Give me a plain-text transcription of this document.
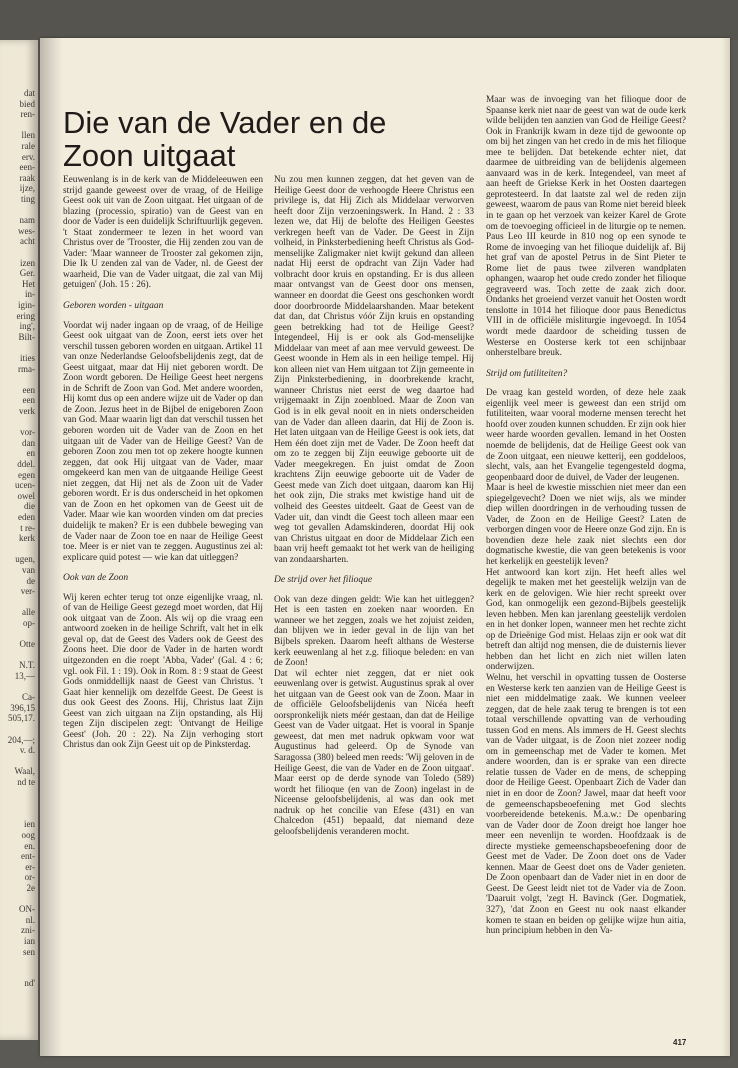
dat
bied
ren-
llen
rale
erv.
een-
raak
ijze,
ting
nam
wes-
acht
izen
Ger.
Het
in-
igin-
ering
ing',
Bilt-
ities
rma-
een
een
verk
vor-
dan
en
ddel.
egen
ucen-
owel
die
eden
t re-
kerk
ugen,
van
de
ver-
alle
op-
Otte
N.T.
13,—
Ca-
396,15
505,17.
204,—;
v. d.
Waal,
nd te
ien
oog
en.
ent-
er-
or-
2e
ON-
nl.
zni-
ian
sen
nd'
Die van de Vader en de Zoon uitgaat

Eeuwenlang is in de kerk van de Middeleeuwen een strijd gaande geweest over de vraag, of de Heilige Geest ook uit van de Zoon uitgaat. Het uitgaan of de blazing (processio, spiratio) van de Geest van en door de Vader is een duidelijk Schriftuurlijk gegeven. 't Staat zondermeer te lezen in het woord van Christus over de 'Trooster, die Hij zenden zou van de Vader: 'Maar wanneer de Trooster zal gekomen zijn, Die Ik U zenden zal van de Vader, nl. de Geest der waarheid, Die van de Vader uitgaat, die zal van Mij getuigen' (Joh. 15 : 26).

Geboren worden - uitgaan

Voordat wij nader ingaan op de vraag, of de Heilige Geest ook uitgaat van de Zoon, eerst iets over het verschil tussen geboren worden en uitgaan. Artikel 11 van onze Nederlandse Geloofsbelijdenis zegt, dat de Geest uitgaat, maar dat Hij niet geboren wordt. De Zoon wordt geboren. De Heilige Geest heet nergens in de Schrift de Zoon van God. Met andere woorden, Hij komt dus op een andere wijze uit de Vader op dan de Zoon. Jezus heet in de Bijbel de enigeboren Zoon van God. Maar waarin ligt dan dat verschil tussen het geboren worden uit de Vader van de Zoon en het uitgaan uit de Vader van de Heilige Geest? Van de geboren Zoon zou men tot op zekere hoogte kunnen zeggen, dat ook Hij uitgaat van de Vader, maar omgekeerd kan men van de uitgaande Heilige Geest niet zeggen, dat Hij net als de Zoon uit de Vader geboren wordt. Er is dus onderscheid in het opkomen van de Zoon en het opkomen van de Geest uit de Vader. Maar wie kan woorden vinden om dat precies duidelijk te maken? Er is een dubbele beweging van de Vader naar de Zoon toe en naar de Heilige Geest toe. Meer is er niet van te zeggen. Augustinus zei al: explicare quid potest — wie kan dat uitleggen?

Ook van de Zoon

Wij keren echter terug tot onze eigenlijke vraag, nl. of van de Heilige Geest gezegd moet worden, dat Hij ook uitgaat van de Zoon. Als wij op die vraag een antwoord zoeken in de heilige Schrift, valt het in elk geval op, dat de Geest des Vaders ook de Geest des Zoons heet. Die door de Vader in de harten wordt uitgezonden en die roept 'Abba, Vader' (Gal. 4 : 6; vgl. ook Fil. 1 : 19). Ook in Rom. 8 : 9 staat de Geest Gods onmiddellijk naast de Geest van Christus. 't Gaat hier kennelijk om dezelfde Geest. De Geest is dus ook Geest des Zoons. Hij, Christus laat Zijn Geest van zich uitgaan na Zijn opstanding, als Hij tegen Zijn discipelen zegt: 'Ontvangt de Heilige Geest' (Joh. 20 : 22). Na Zijn verhoging stort Christus dan ook Zijn Geest uit op de Pinksterdag.

Nu zou men kunnen zeggen, dat het geven van de Heilige Geest door de verhoogde Heere Christus een privilege is, dat Hij Zich als Middelaar verworven heeft door Zijn verzoeningswerk. In Hand. 2 : 33 lezen we, dat Hij de belofte des Heiligen Geestes verkregen heeft van de Vader. De Geest in Zijn volheid, in Pinksterbediening heeft Christus als God-menselijke Zaligmaker niet kwijt gekund dan alleen nadat Hij eerst de opdracht van Zijn Vader had volbracht door kruis en opstanding. Er is dus alleen maar ontvangst van de Geest door ons mensen, wanneer en doordat die Geest ons geschonken wordt door doorbroorde Middelaarshanden. Maar betekent dat dan, dat Christus vóór Zijn kruis en opstanding geen betrekking had tot de Heilige Geest? Integendeel, Hij is er ook als God-menselijke Middelaar van meet af aan mee vervuld geweest. De Geest woonde in Hem als in een heilige tempel. Hij kon alleen niet van Hem uitgaan tot Zijn gemeente in Zijn Pinksterbediening, in doorbrekende kracht, wanneer Christus niet eerst de weg daartoe had vrijgemaakt in Zijn zoenbloed. Maar de Zoon van God is in elk geval nooit en in niets onderscheiden van de Vader dan alleen daarin, dat Hij de Zoon is. Het laten uitgaan van de Heilige Geest is ook iets, dat Hem één doet zijn met de Vader. De Zoon heeft dat om zo te zeggen bij Zijn eeuwige geboorte uit de Vader meegekregen. En juist omdat de Zoon krachtens Zijn eeuwige geboorte uit de Vader de Geest mede van Zich doet uitgaan, daarom kan Hij het ook zijn, Die straks met kwistige hand uit de volheid des Geestes uitdeelt. Gaat de Geest van de Vader uit, dan vindt die Geest toch alleen maar een weg tot gevallen Adamskinderen, doordat Hij ook van Christus uitgaat en door de Middelaar Zich een baan vrij heeft gemaakt tot het werk van de heiliging van zondaarsharten.

De strijd over het filioque

Ook van deze dingen geldt: Wie kan het uitleggen? Het is een tasten en zoeken naar woorden. En wanneer we het zeggen, zoals we het zojuist zeiden, dan blijven we in ieder geval in de lijn van het Bijbels spreken. Daarom heeft althans de Westerse kerk eeuwenlang al het z.g. filioque beleden: en van de Zoon!

Dat wil echter niet zeggen, dat er niet ook eeuwenlang over is getwist. Augustinus sprak al over het uitgaan van de Geest ook van de Zoon. Maar in de officiële Geloofsbelijdenis van Nicéa heeft oorspronkelijk niets méér gestaan, dan dat de Heilige Geest van de Vader uitgaat. Het is vooral in Spanje geweest, dat men met nadruk opkwam voor wat Augustinus had geleerd. Op de Synode van Saragossa (380) beleed men reeds: 'Wij geloven in de Heilige Geest, die van de Vader en de Zoon uitgaat'. Maar eerst op de derde synode van Toledo (589) wordt het filioque (en van de Zoon) ingelast in de Niceense geloofsbelijdenis, al was dan ook met nadruk op het concilie van Efese (431) en van Chalcedon (451) bepaald, dat niemand deze geloofsbelijdenis veranderen mocht.

Maar was de invoeging van het filioque door de Spaanse kerk niet naar de geest van wat de oude kerk wilde belijden ten aanzien van God de Heilige Geest? Ook in Frankrijk kwam in deze tijd de gewoonte op om bij het zingen van het credo in de mis het filioque mee te belijden. Dat betekende echter niet, dat daarmee de uitbreiding van de belijdenis algemeen aanvaard was in de kerk. Integendeel, van meet af aan heeft de Griekse Kerk in het Oosten daartegen geprotesteerd. In dat laatste zal wel de reden zijn geweest, waarom de paus van Rome niet bereid bleek in te gaan op het verzoek van keizer Karel de Grote om de toevoeging officieel in de liturgie op te nemen. Paus Leo III keurde in 810 nog op een synode te Rome de invoeging van het filioque duidelijk af. Bij het graf van de apostel Petrus in de Sint Pieter te Rome liet de paus twee zilveren wandplaten ophangen, waarop het oude credo zonder het filioque gegraveerd was. Toch zette de zaak zich door. Ondanks het groeiend verzet vanuit het Oosten wordt tenslotte in 1014 het filioque door paus Benedictus VIII in de officiële misliturgie ingevoegd. In 1054 wordt mede daardoor de scheiding tussen de Westerse en Oosterse kerk tot een schijnbaar onherstelbare breuk.

Strijd om futiliteiten?

De vraag kan gesteld worden, of deze hele zaak eigenlijk veel meer is geweest dan een strijd om futiliteiten, waar vooral moderne mensen terecht het hoofd over zouden kunnen schudden. Er zijn ook hier weer harde woorden gevallen. Iemand in het Oosten noemde de belijdenis, dat de Heilige Geest ook van de Zoon uitgaat, een nieuwe ketterij, een goddeloos, slecht, vals, aan het Evangelie tegengesteld dogma, geopenbaard door de duivel, de Vader der leugenen.

Maar is heel de kwestie misschien niet meer dan een spiegelgevecht? Doen we niet wijs, als we minder diep willen doordringen in de verhouding tussen de Vader, de Zoon en de Heilige Geest? Laten de verborgen dingen voor de Heere onze God zijn. En is bovendien deze hele zaak niet slechts een dor dogmatische kwestie, die van geen betekenis is voor het kerkelijk en geestelijk leven?

Het antwoord kan kort zijn. Het heeft alles wel degelijk te maken met het geestelijk welzijn van de kerk en de gelovigen. Wie hier recht spreekt over God, kan onmogelijk een gezond-Bijbels geestelijk leven hebben. Men kan jarenlang geestelijk verdolen en in het donker lopen, wanneer men het rechte zicht op de Drieënige God mist. Helaas zijn er ook wat dit betreft dan altijd nog mensen, die de duisternis liever hebben dan het licht en zich niet willen laten onderwijzen.

Welnu, het verschil in opvatting tussen de Oosterse en Westerse kerk ten aanzien van de Heilige Geest is niet een middelmatige zaak. We kunnen veeleer zeggen, dat de hele zaak terug te brengen is tot een totaal verschillende opvatting van de verhouding tussen God en mens. Als immers de H. Geest slechts van de Vader uitgaat, is de Zoon niet zozeer nodig om in gemeenschap met de Vader te komen. Met andere woorden, dan is er sprake van een directe relatie tussen de Vader en de mens, de schepping door de Heilige Geest. Openbaart Zich de Vader dan niet in en door de Zoon? Jawel, maar dat heeft voor de gemeenschapsbeoefening met God slechts voorbereidende betekenis. M.a.w.: De openbaring van de Vader door de Zoon dreigt hoe langer hoe meer een nevenlijn te worden. Hoofdzaak is de directe mystieke gemeenschapsbeoefening door de Geest met de Vader. De Zoon doet ons de Vader kennen. Maar de Geest doet ons de Vader genieten. De Zoon openbaart dan de Vader niet in en door de Geest. De Geest leidt niet tot de Vader via de Zoon. 'Daaruit volgt, 'zegt H. Bavinck (Ger. Dogmatiek, 327), 'dat Zoon en Geest nu ook naast elkander komen te staan en beiden op gelijke wijze hun aitia, hun principium hebben in den Va-

417
